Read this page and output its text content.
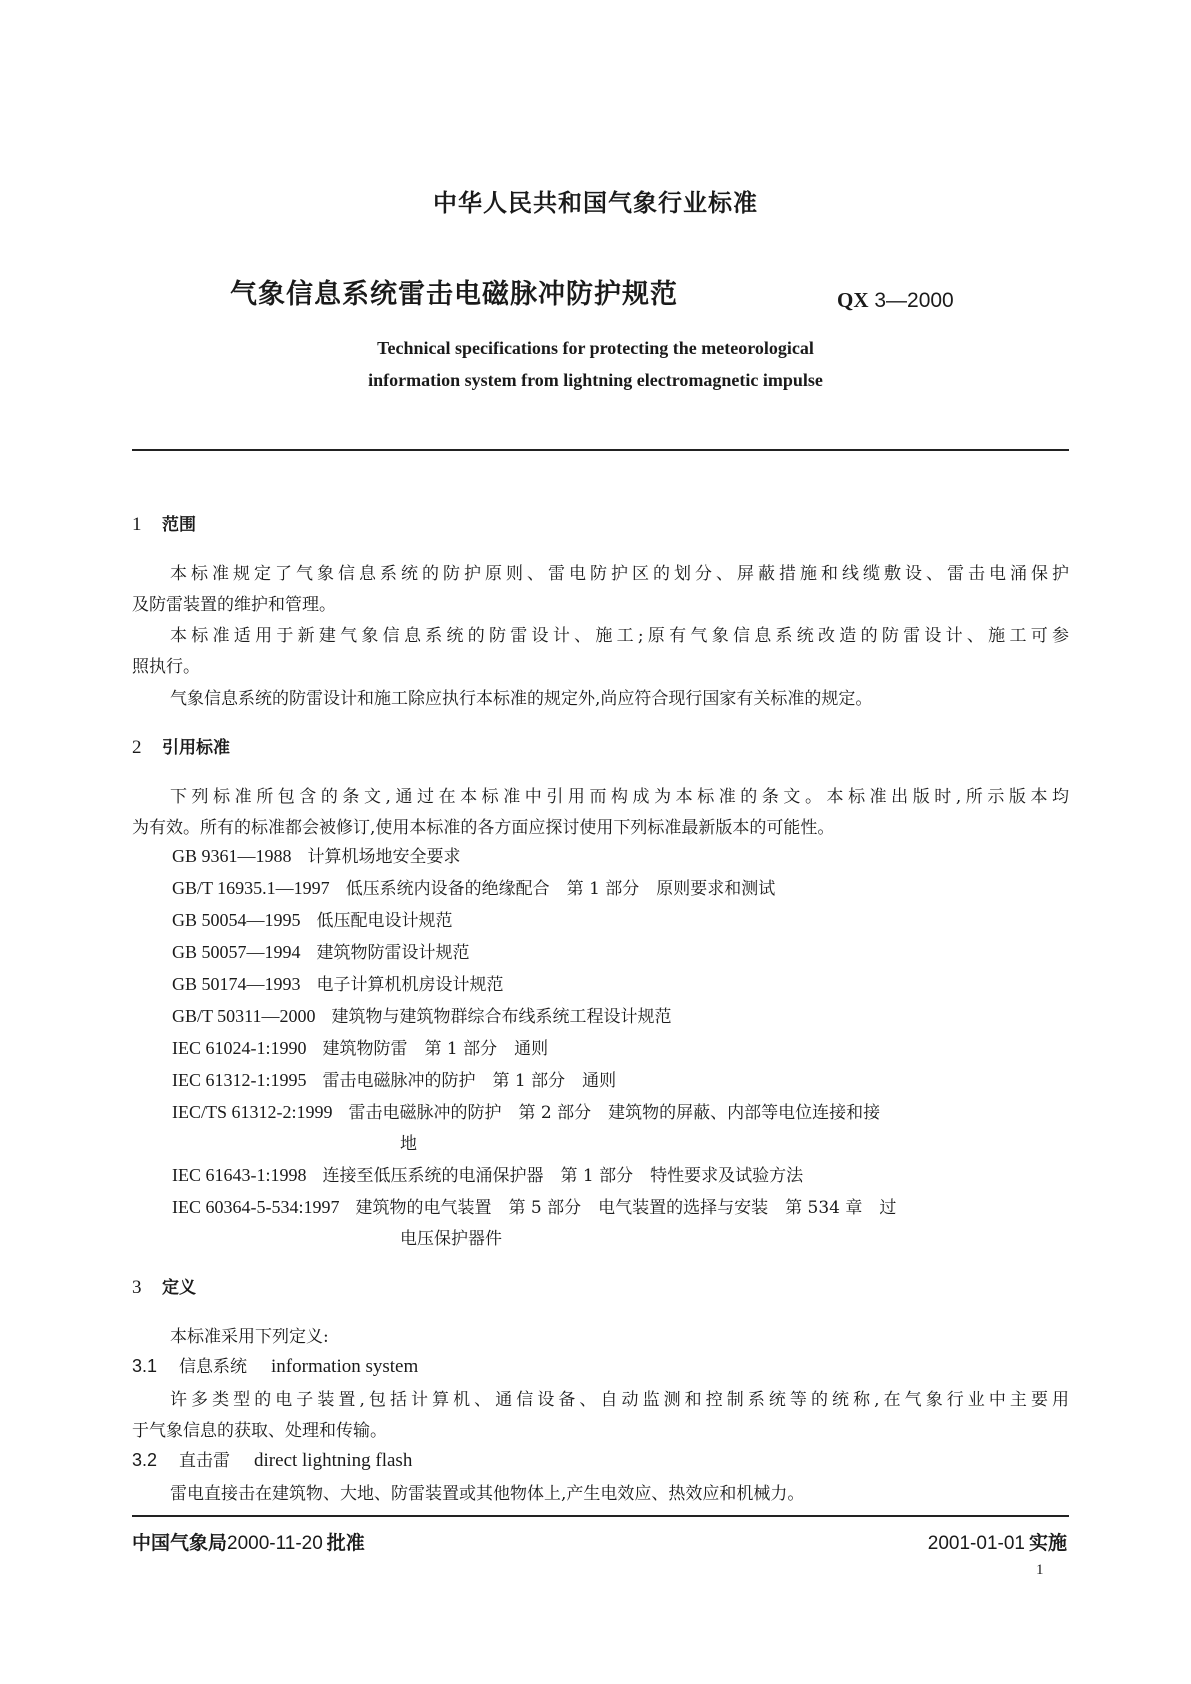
中华人民共和国气象行业标准
气象信息系统雷击电磁脉冲防护规范	QX 3—2000
Technical specifications for protecting the meteorological
information system from lightning electromagnetic impulse
1 范围
本标准规定了气象信息系统的防护原则、雷电防护区的划分、屏蔽措施和线缆敷设、雷击电涌保护
及防雷装置的维护和管理。
本标准适用于新建气象信息系统的防雷设计、施工;原有气象信息系统改造的防雷设计、施工可参
照执行。
气象信息系统的防雷设计和施工除应执行本标准的规定外,尚应符合现行国家有关标准的规定。
2 引用标准
下列标准所包含的条文,通过在本标准中引用而构成为本标准的条文。本标准出版时,所示版本均
为有效。所有的标准都会被修订,使用本标准的各方面应探讨使用下列标准最新版本的可能性。
GB 9361—1988 计算机场地安全要求
GB/T 16935.1—1997 低压系统内设备的绝缘配合　第 1 部分　原则要求和测试
GB 50054—1995 低压配电设计规范
GB 50057—1994 建筑物防雷设计规范
GB 50174—1993 电子计算机机房设计规范
GB/T 50311—2000 建筑物与建筑物群综合布线系统工程设计规范
IEC 61024-1:1990 建筑物防雷　第 1 部分　通则
IEC 61312-1:1995 雷击电磁脉冲的防护　第 1 部分　通则
IEC/TS 61312-2:1999 雷击电磁脉冲的防护　第 2 部分　建筑物的屏蔽、内部等电位连接和接
地
IEC 61643-1:1998 连接至低压系统的电涌保护器　第 1 部分　特性要求及试验方法
IEC 60364-5-534:1997 建筑物的电气装置　第 5 部分　电气装置的选择与安装　第 534 章　过
电压保护器件
3 定义
本标准采用下列定义:
3.1 信息系统 information system
许多类型的电子装置,包括计算机、通信设备、自动监测和控制系统等的统称,在气象行业中主要用
于气象信息的获取、处理和传输。
3.2 直击雷 direct lightning flash
雷电直接击在建筑物、大地、防雷装置或其他物体上,产生电效应、热效应和机械力。
中国气象局2000-11-20 批准	2001-01-01 实施
1
